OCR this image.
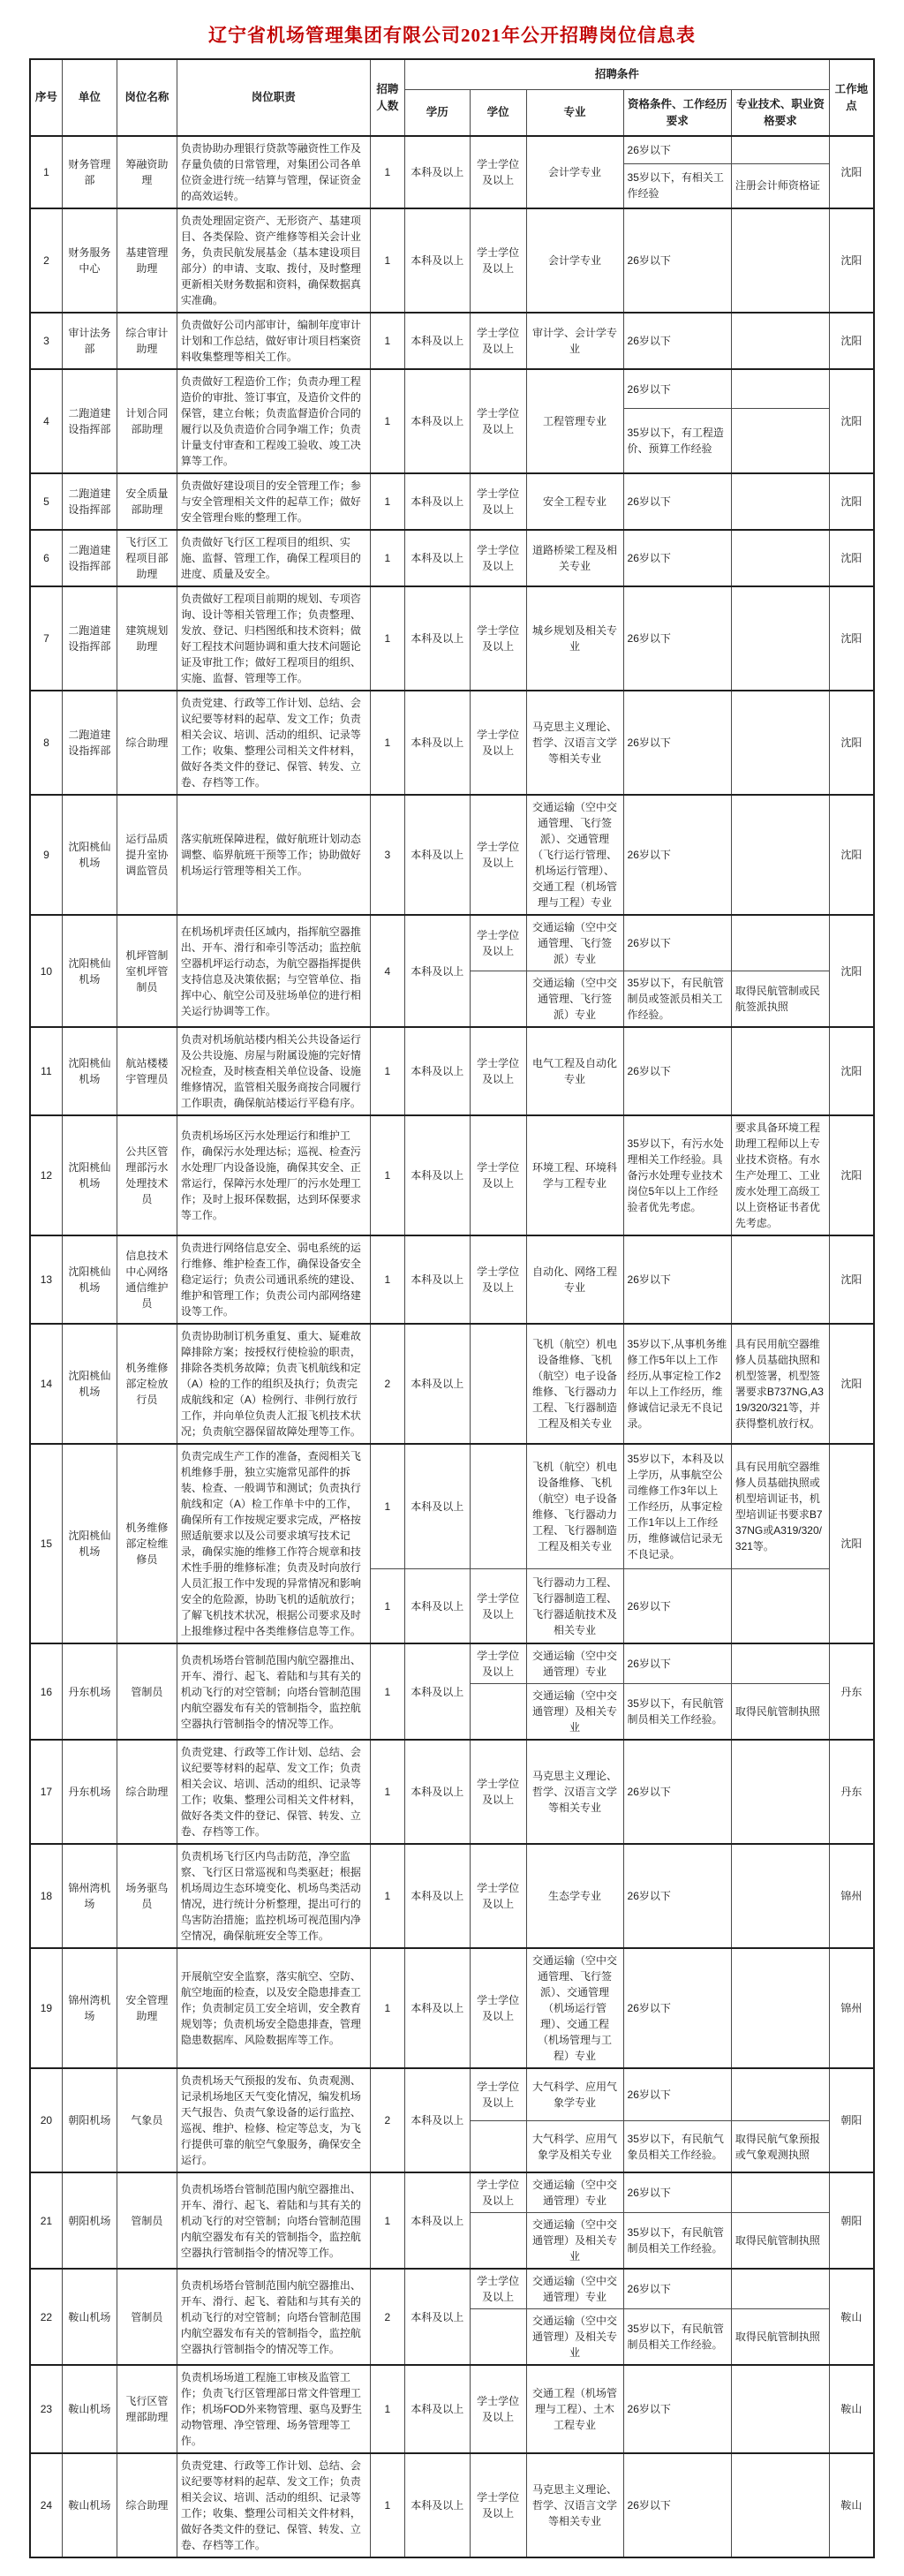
辽宁省机场管理集团有限公司2021年公开招聘岗位信息表
序号	单位	岗位名称	岗位职责	招聘人数	招聘条件					工作地点
					学历	学位	专业	资格条件、工作经历要求	专业技术、职业资格要求	
1	财务管理部	筹融资助理	负责协助办理银行贷款等融资性工作及存量负债的日常管理，对集团公司各单位资金进行统一结算与管理，保证资金的高效运转。	1	本科及以上	学士学位及以上	会计学专业	26岁以下		沈阳
								35岁以下，有相关工作经验	注册会计师资格证	
2	财务服务中心	基建管理助理	负责处理固定资产、无形资产、基建项目、各类保险、资产维修等相关会计业务，负责民航发展基金（基本建设项目部分）的申请、支取、拨付，及时整理更新相关财务数据和资料，确保数据真实准确。	1	本科及以上	学士学位及以上	会计学专业	26岁以下		沈阳
3	审计法务部	综合审计助理	负责做好公司内部审计，编制年度审计计划和工作总结，做好审计项目档案资料收集整理等相关工作。	1	本科及以上	学士学位及以上	审计学、会计学专业	26岁以下		沈阳
4	二跑道建设指挥部	计划合同部助理	负责做好工程造价工作；负责办理工程造价的审批、签订事宜，及造价文件的保管，建立台帐；负责监督造价合同的履行以及负责造价合同争端工作；负责计量支付审查和工程竣工验收、竣工决算等工作。	1	本科及以上	学士学位及以上	工程管理专业	26岁以下		沈阳
								35岁以下，有工程造价、预算工作经验		
5	二跑道建设指挥部	安全质量部助理	负责做好建设项目的安全管理工作；参与安全管理相关文件的起草工作；做好安全管理台账的整理工作。	1	本科及以上	学士学位及以上	安全工程专业	26岁以下		沈阳
6	二跑道建设指挥部	飞行区工程项目部助理	负责做好飞行区工程项目的组织、实施、监督、管理工作，确保工程项目的进度、质量及安全。	1	本科及以上	学士学位及以上	道路桥梁工程及相关专业	26岁以下		沈阳
7	二跑道建设指挥部	建筑规划助理	负责做好工程项目前期的规划、专项咨询、设计等相关管理工作；负责整理、发放、登记、归档图纸和技术资料；做好工程技术问题协调和重大技术问题论证及审批工作；做好工程项目的组织、实施、监督、管理等工作。	1	本科及以上	学士学位及以上	城乡规划及相关专业	26岁以下		沈阳
8	二跑道建设指挥部	综合助理	负责党建、行政等工作计划、总结、会议纪要等材料的起草、发文工作；负责相关会议、培训、活动的组织、记录等工作；收集、整理公司相关文件材料，做好各类文件的登记、保管、转发、立卷、存档等工作。	1	本科及以上	学士学位及以上	马克思主义理论、哲学、汉语言文学等相关专业	26岁以下		沈阳
9	沈阳桃仙机场	运行品质提升室协调监管员	落实航班保障进程，做好航班计划动态调整、临界航班干预等工作；协助做好机场运行管理等相关工作。	3	本科及以上	学士学位及以上	交通运输（空中交通管理、飞行签派）、交通管理（飞行运行管理、机场运行管理）、交通工程（机场管理与工程）专业	26岁以下		沈阳
10	沈阳桃仙机场	机坪管制室机坪管制员	在机场机坪责任区域内，指挥航空器推出、开车、滑行和牵引等活动；监控航空器机坪运行动态，为航空器指挥提供支持信息及决策依据；与空管单位、指挥中心、航空公司及驻场单位的进行相关运行协调等工作。	4	本科及以上	学士学位及以上	交通运输（空中交通管理、飞行签派）专业	26岁以下		沈阳
							交通运输（空中交通管理、飞行签派）专业	35岁以下，有民航管制员或签派员相关工作经验。	取得民航管制或民航签派执照	
11	沈阳桃仙机场	航站楼楼宇管理员	负责对机场航站楼内相关公共设备运行及公共设施、房屋与附属设施的完好情况检查，及时核查相关单位设备、设施维修情况，监管相关服务商按合同履行工作职责，确保航站楼运行平稳有序。	1	本科及以上	学士学位及以上	电气工程及自动化专业	26岁以下		沈阳
12	沈阳桃仙机场	公共区管理部污水处理技术员	负责机场场区污水处理运行和维护工作，确保污水处理达标；巡视、检查污水处理厂内设备设施，确保其安全、正常运行，保障污水处理厂的污水处理工作；及时上报环保数据，达到环保要求等工作。	1	本科及以上	学士学位及以上	环境工程、环境科学与工程专业	35岁以下，有污水处理相关工作经验。具备污水处理专业技术岗位5年以上工作经验者优先考虑。	要求具备环境工程助理工程师以上专业技术资格。有水生产处理工、工业废水处理工高级工以上资格证书者优先考虑。	沈阳
13	沈阳桃仙机场	信息技术中心网络通信维护员	负责进行网络信息安全、弱电系统的运行维修、维护检查工作，确保设备安全稳定运行；负责公司通讯系统的建设、维护和管理工作；负责公司内部网络建设等工作。	1	本科及以上	学士学位及以上	自动化、网络工程专业	26岁以下		沈阳
14	沈阳桃仙机场	机务维修部定检放行员	负责协助制订机务重复、重大、疑难故障排除方案；按授权行使检验的职责，排除各类机务故障；负责飞机航线和定（A）检的工作的组织及执行；负责完成航线和定（A）检例行、非例行放行工作，并向单位负责人汇报飞机技术状况；负责航空器保留故障处理等工作。	2	本科及以上		飞机（航空）机电设备维修、飞机（航空）电子设备维修、飞行器动力工程、飞行器制造工程及相关专业	35岁以下,从事机务维修工作5年以上工作经历,从事定检工作2年以上工作经历，维修诚信记录无不良记录。	具有民用航空器维修人员基础执照和机型签署，机型签署要求B737NG,A319/320/321等，并获得整机放行权。	沈阳
15	沈阳桃仙机场	机务维修部定检维修员	负责完成生产工作的准备，查阅相关飞机维修手册，独立实施常见部件的拆装、检查、一般调节和测试；负责执行航线和定（A）检工作单卡中的工作，确保所有工作按规定要求完成，严格按照适航要求以及公司要求填写技术记录，确保实施的维修工作符合规章和技术性手册的维修标准；负责及时向放行人员汇报工作中发现的异常情况和影响安全的危险源，协助飞机的适航放行；了解飞机技术状况，根据公司要求及时上报维修过程中各类维修信息等工作。	1	本科及以上		飞机（航空）机电设备维修、飞机（航空）电子设备维修、飞行器动力工程、飞行器制造工程及相关专业	35岁以下，本科及以上学历，从事航空公司维修工作3年以上工作经历，从事定检工作1年以上工作经历，维修诚信记录无不良记录。	具有民用航空器维修人员基础执照或机型培训证书，机型培训证书要求B737NG或A319/320/321等。	沈阳
				1	本科及以上	学士学位及以上	飞行器动力工程、飞行器制造工程、飞行器适航技术及相关专业	26岁以下		
16	丹东机场	管制员	负责机场塔台管制范围内航空器推出、开车、滑行、起飞、着陆和与其有关的机动飞行的对空管制；向塔台管制范围内航空器发布有关的管制指令，监控航空器执行管制指令的情况等工作。	1	本科及以上	学士学位及以上	交通运输（空中交通管理）专业	26岁以下		丹东
							交通运输（空中交通管理）及相关专业	35岁以下，有民航管制员相关工作经验。	取得民航管制执照	
17	丹东机场	综合助理	负责党建、行政等工作计划、总结、会议纪要等材料的起草、发文工作；负责相关会议、培训、活动的组织、记录等工作；收集、整理公司相关文件材料，做好各类文件的登记、保管、转发、立卷、存档等工作。	1	本科及以上	学士学位及以上	马克思主义理论、哲学、汉语言文学等相关专业	26岁以下		丹东
18	锦州湾机场	场务驱鸟员	负责机场飞行区内鸟击防范，净空监察、飞行区日常巡视和鸟类驱赶；根据机场周边生态环境变化、机场鸟类活动情况，进行统计分析整理，提出可行的鸟害防治措施；监控机场可视范围内净空情况，确保航班安全等工作。	1	本科及以上	学士学位及以上	生态学专业	26岁以下		锦州
19	锦州湾机场	安全管理助理	开展航空安全监察，落实航空、空防、航空地面的检查，以及安全隐患排查工作；负责制定员工安全培训，安全教育规划等；负责机场安全隐患排查，管理隐患数据库、风险数据库等工作。	1	本科及以上	学士学位及以上	交通运输（空中交通管理、飞行签派）、交通管理（机场运行管理）、交通工程（机场管理与工程）专业	26岁以下		锦州
20	朝阳机场	气象员	负责机场天气预报的发布、负责观测、记录机场地区天气变化情况，编发机场天气报告、负责气象设备的运行监控、巡视、维护、检修、检定等总支，为飞行提供可靠的航空气象服务，确保安全运行。	2	本科及以上	学士学位及以上	大气科学、应用气象学专业	26岁以下		朝阳
							大气科学、应用气象学及相关专业	35岁以下，有民航气象员相关工作经验。	取得民航气象预报或气象观测执照	
21	朝阳机场	管制员	负责机场塔台管制范围内航空器推出、开车、滑行、起飞、着陆和与其有关的机动飞行的对空管制；向塔台管制范围内航空器发布有关的管制指令，监控航空器执行管制指令的情况等工作。	1	本科及以上	学士学位及以上	交通运输（空中交通管理）专业	26岁以下		朝阳
							交通运输（空中交通管理）及相关专业	35岁以下，有民航管制员相关工作经验。	取得民航管制执照	
22	鞍山机场	管制员	负责机场塔台管制范围内航空器推出、开车、滑行、起飞、着陆和与其有关的机动飞行的对空管制；向塔台管制范围内航空器发布有关的管制指令，监控航空器执行管制指令的情况等工作。	2	本科及以上	学士学位及以上	交通运输（空中交通管理）专业	26岁以下		鞍山
							交通运输（空中交通管理）及相关专业	35岁以下，有民航管制员相关工作经验。	取得民航管制执照	
23	鞍山机场	飞行区管理部助理	负责机场场道工程施工审核及监管工作；负责飞行区管理部日常文件管理工作；机场FOD外来物管理、驱鸟及野生动物管理、净空管理、场务管理等工作。	1	本科及以上	学士学位及以上	交通工程（机场管理与工程）、土木工程专业	26岁以下		鞍山
24	鞍山机场	综合助理	负责党建、行政等工作计划、总结、会议纪要等材料的起草、发文工作；负责相关会议、培训、活动的组织、记录等工作；收集、整理公司相关文件材料，做好各类文件的登记、保管、转发、立卷、存档等工作。	1	本科及以上	学士学位及以上	马克思主义理论、哲学、汉语言文学等相关专业	26岁以下		鞍山
